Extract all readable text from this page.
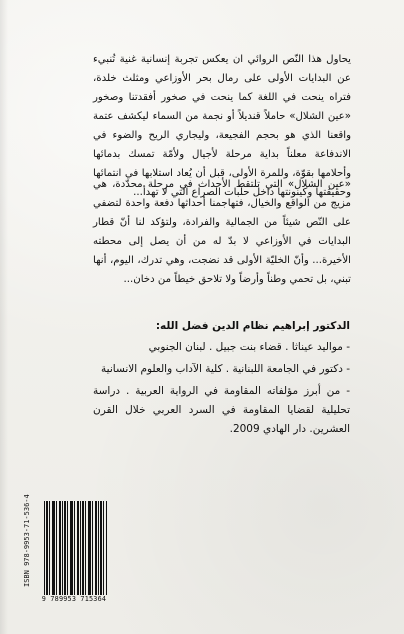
يحاول هذا النّص الروائي ان يعكس تجربة إنسانية غنية تُنبيء عن البدايات الأولى على رمال بحر الأوزاعي ومثلث خلدة، فتراه ينحت في اللغة كما ينحت في صخور أفقدتنا وصخور «عين الشلال» حاملاً قنديلاً أو نجمة من السماء ليكشف عتمة واقعنا الذي هو بحجم الفجيعة، وليجاري الريح والضوء في الاندفاعة معلناً بداية مرحلة لأجيال ولأمّة تمسك بدمائها وأحلامها بقوّة، وللمرة الأولى، قبل أن يُعاد استلابها في انتمائها وحقيقتها وكينونتها داخل حلبات الصراع التي لا تهدأ...

«عين الشلال» التي تلتقط الأحداث في مرحلة محدّدة، هي مزيج من الواقع والخيال، فتهاجمنا أحداثها دفعة واحدة لتضفي على النّص شيئاً من الجمالية والفرادة، ولتؤكد لنا أنّ قطار البدايات في الأوزاعي لا بدّ له من أن يصل إلى محطته الأخيرة... وأنّ الخليّة الأولى قد نضجت، وهي تدرك، اليوم، أنها تبني، بل تحمي وطناً وأرضاً ولا تلاحق خيطاً من دخان...

الدكتور إبراهيم نظام الدين فضل الله:

- مواليد عيناثا . قضاء بنت جبيل . لبنان الجنوبي
- دكتور في الجامعة اللبنانية . كلية الآداب والعلوم الانسانية
- من أبرز مؤلفاته المقاومة في الرواية العربية . دراسة تحليلية لقضايا المقاومة في السرد العربي خلال القرن العشرين. دار الهادي 2009.
ISBN 978-9953-71-536-4
9 789953 715364
